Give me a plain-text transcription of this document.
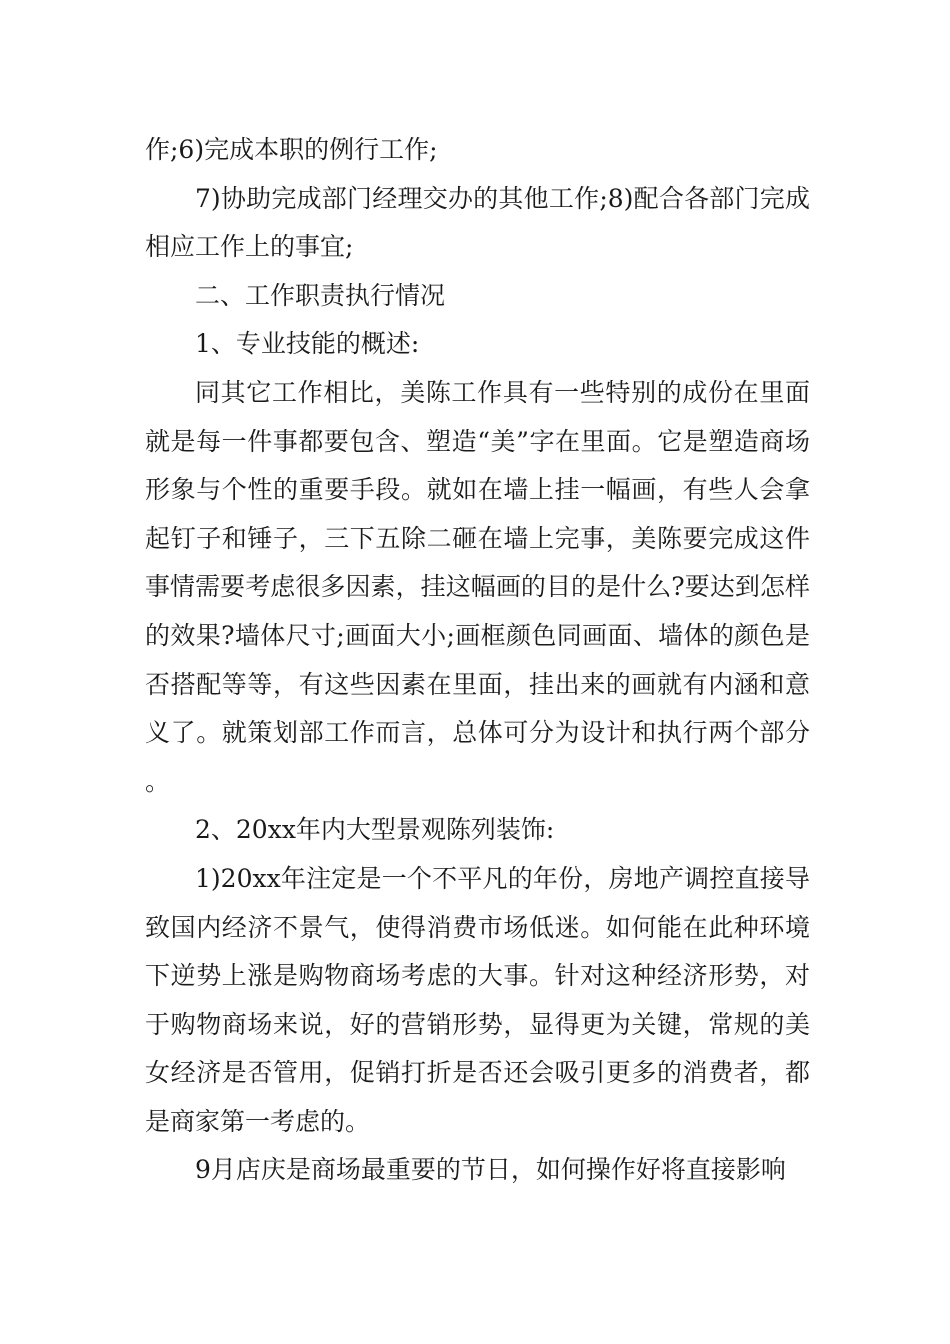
作;6)完成本职的例行工作;

7)协助完成部门经理交办的其他工作;8)配合各部门完成相应工作上的事宜;

二、工作职责执行情况

1、专业技能的概述:

同其它工作相比，美陈工作具有一些特别的成份在里面就是每一件事都要包含、塑造“美”字在里面。它是塑造商场形象与个性的重要手段。就如在墙上挂一幅画，有些人会拿起钉子和锤子，三下五除二砸在墙上完事，美陈要完成这件事情需要考虑很多因素，挂这幅画的目的是什么?要达到怎样的效果?墙体尺寸;画面大小;画框颜色同画面、墙体的颜色是否搭配等等，有这些因素在里面，挂出来的画就有内涵和意义了。就策划部工作而言，总体可分为设计和执行两个部分。

2、20xx年内大型景观陈列装饰:

1)20xx年注定是一个不平凡的年份，房地产调控直接导致国内经济不景气，使得消费市场低迷。如何能在此种环境下逆势上涨是购物商场考虑的大事。针对这种经济形势，对于购物商场来说，好的营销形势，显得更为关键，常规的美女经济是否管用，促销打折是否还会吸引更多的消费者，都是商家第一考虑的。

9月店庆是商场最重要的节日，如何操作好将直接影响
